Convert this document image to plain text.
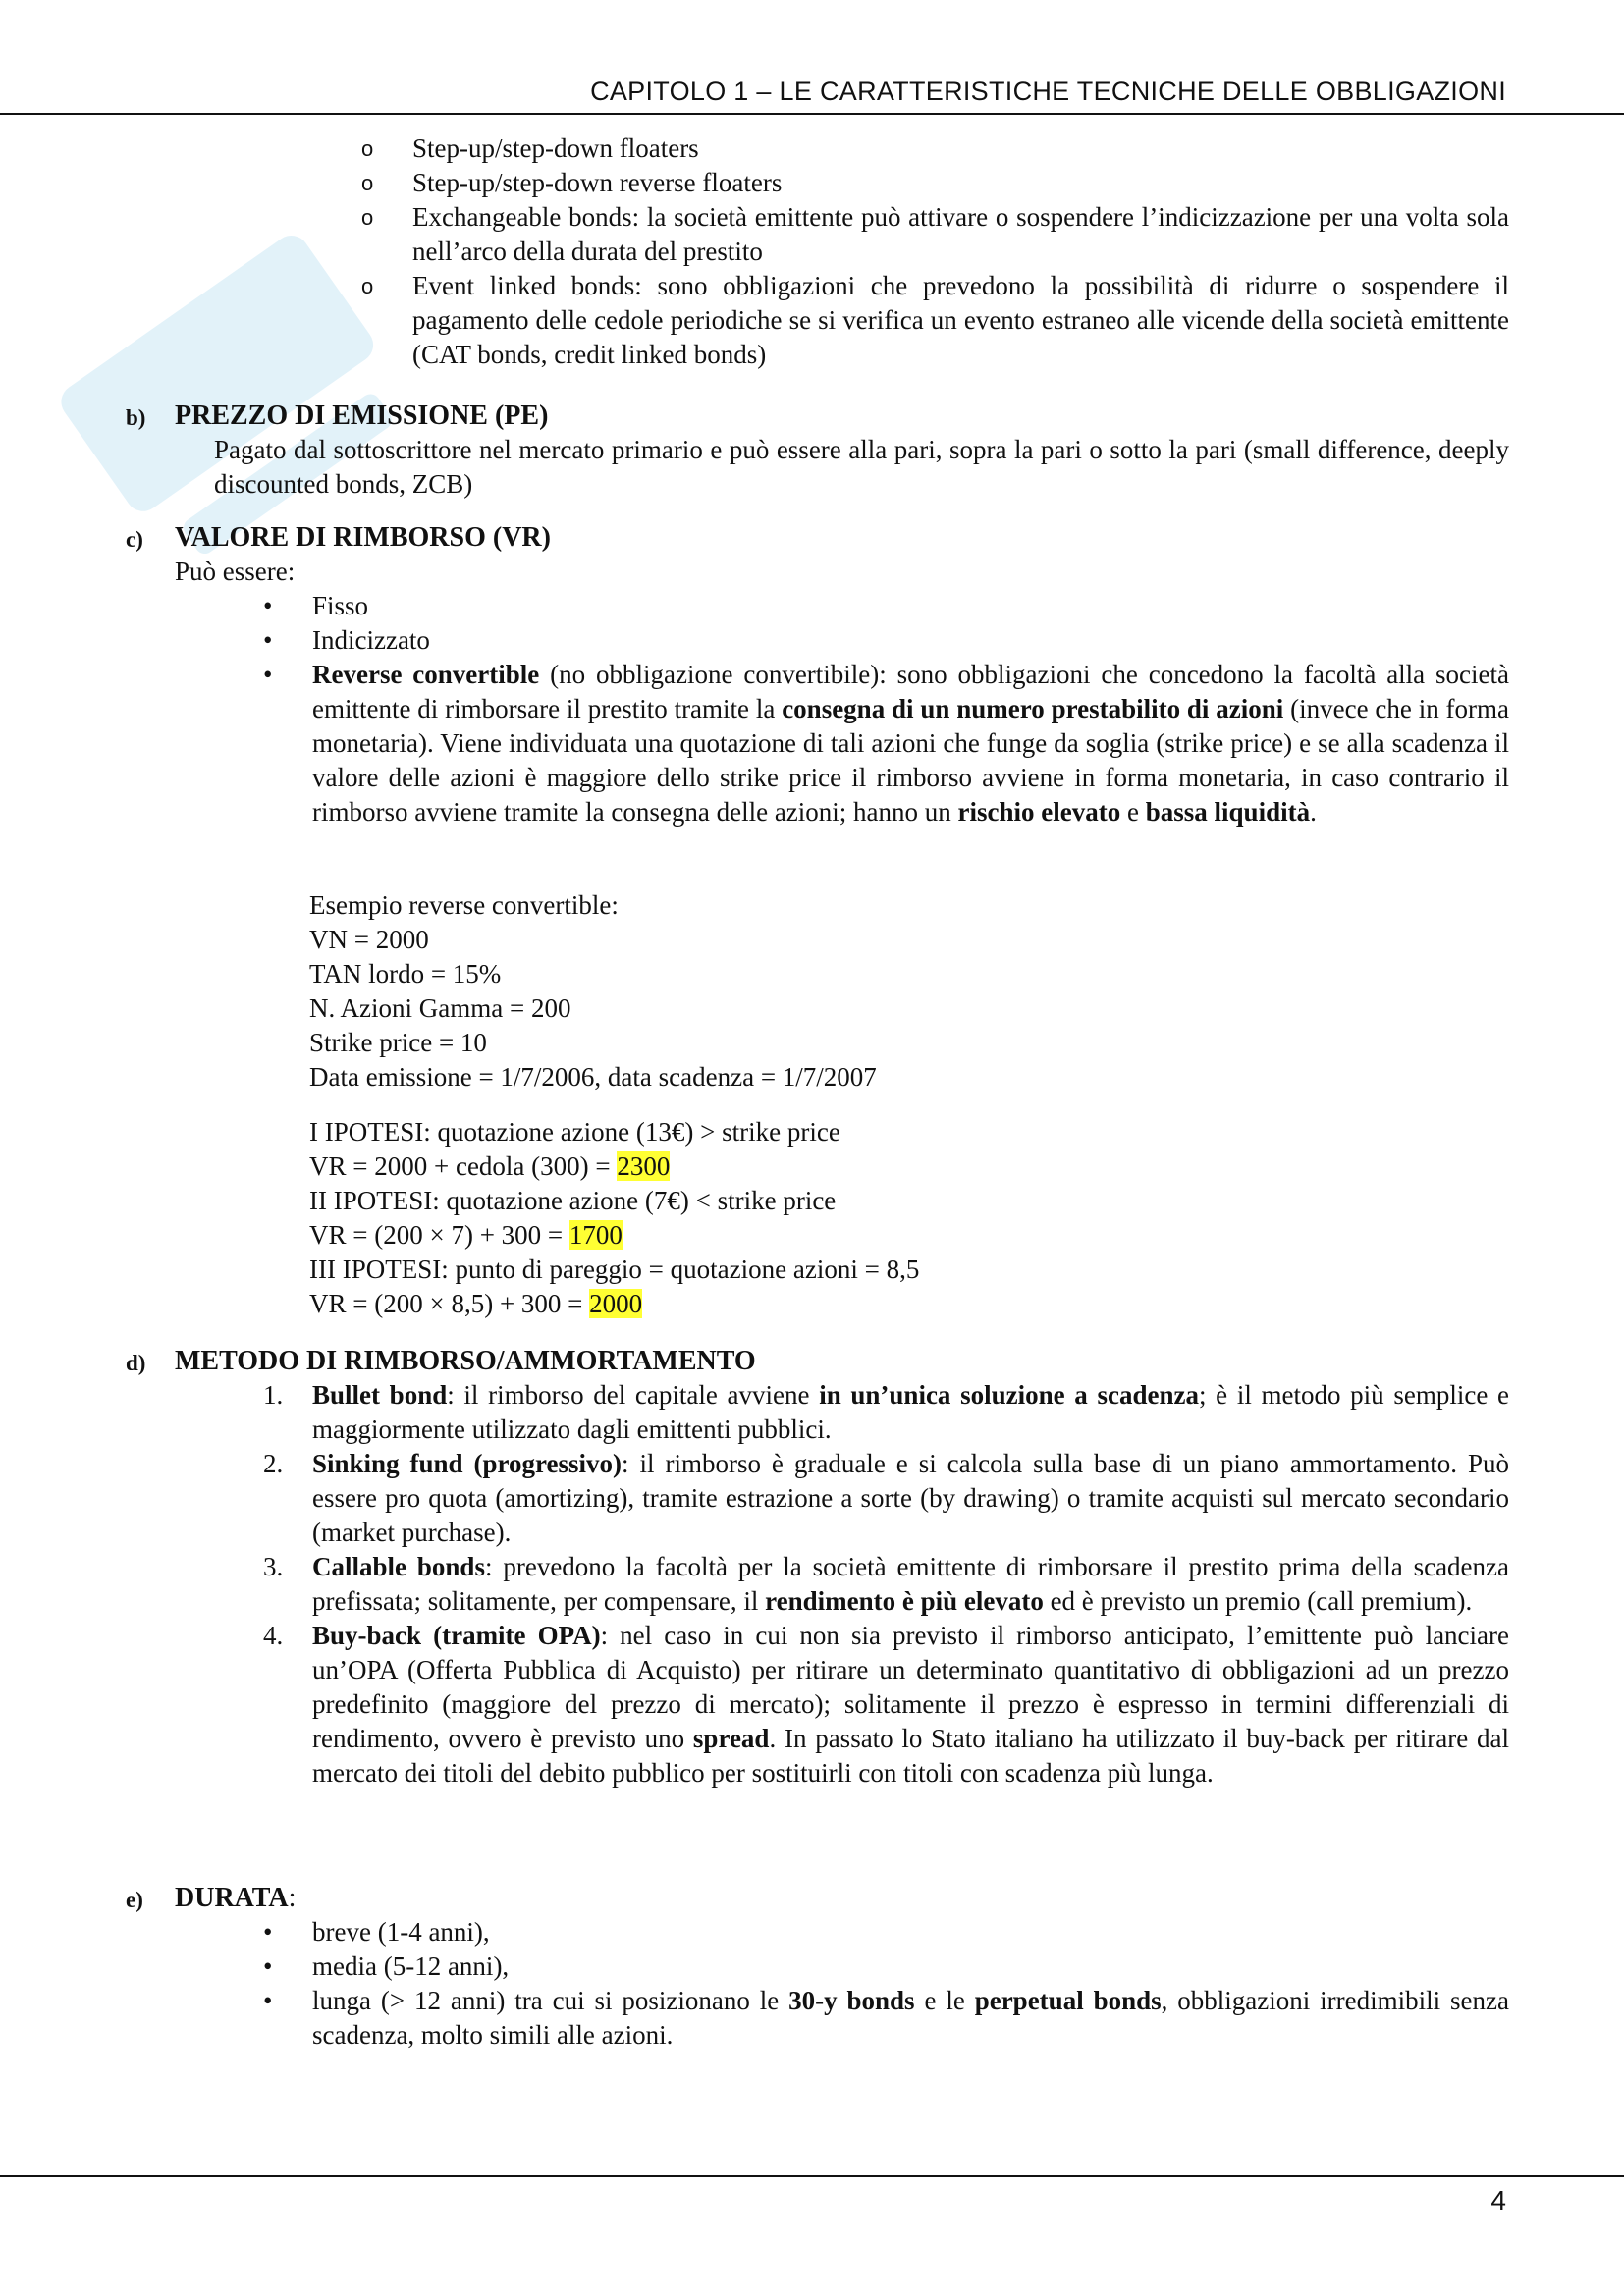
CAPITOLO 1 – LE CARATTERISTICHE TECNICHE DELLE OBBLIGAZIONI
o Step-up/step-down floaters
o Step-up/step-down reverse floaters
o Exchangeable bonds: la società emittente può attivare o sospendere l’indicizzazione per una volta sola nell’arco della durata del prestito
o Event linked bonds: sono obbligazioni che prevedono la possibilità di ridurre o sospendere il pagamento delle cedole periodiche se si verifica un evento estraneo alle vicende della società emittente (CAT bonds, credit linked bonds)
b) PREZZO DI EMISSIONE (PE)
Pagato dal sottoscrittore nel mercato primario e può essere alla pari, sopra la pari o sotto la pari (small difference, deeply discounted bonds, ZCB)
c) VALORE DI RIMBORSO (VR)
Può essere:
• Fisso
• Indicizzato
• Reverse convertible (no obbligazione convertibile): sono obbligazioni che concedono la facoltà alla società emittente di rimborsare il prestito tramite la consegna di un numero prestabilito di azioni (invece che in forma monetaria). Viene individuata una quotazione di tali azioni che funge da soglia (strike price) e se alla scadenza il valore delle azioni è maggiore dello strike price il rimborso avviene in forma monetaria, in caso contrario il rimborso avviene tramite la consegna delle azioni; hanno un rischio elevato e bassa liquidità.
Esempio reverse convertible:
VN = 2000
TAN lordo = 15%
N. Azioni Gamma = 200
Strike price = 10
Data emissione = 1/7/2006, data scadenza = 1/7/2007
I IPOTESI: quotazione azione (13€) > strike price
VR = 2000 + cedola (300) = 2300
II IPOTESI: quotazione azione (7€) < strike price
VR = (200 × 7) + 300 = 1700
III IPOTESI: punto di pareggio = quotazione azioni = 8,5
VR = (200 × 8,5) + 300 = 2000
d) METODO DI RIMBORSO/AMMORTAMENTO
1. Bullet bond: il rimborso del capitale avviene in un’unica soluzione a scadenza; è il metodo più semplice e maggiormente utilizzato dagli emittenti pubblici.
2. Sinking fund (progressivo): il rimborso è graduale e si calcola sulla base di un piano ammortamento. Può essere pro quota (amortizing), tramite estrazione a sorte (by drawing) o tramite acquisti sul mercato secondario (market purchase).
3. Callable bonds: prevedono la facoltà per la società emittente di rimborsare il prestito prima della scadenza prefissata; solitamente, per compensare, il rendimento è più elevato ed è previsto un premio (call premium).
4. Buy-back (tramite OPA): nel caso in cui non sia previsto il rimborso anticipato, l’emittente può lanciare un’OPA (Offerta Pubblica di Acquisto) per ritirare un determinato quantitativo di obbligazioni ad un prezzo predefinito (maggiore del prezzo di mercato); solitamente il prezzo è espresso in termini differenziali di rendimento, ovvero è previsto uno spread. In passato lo Stato italiano ha utilizzato il buy-back per ritirare dal mercato dei titoli del debito pubblico per sostituirli con titoli con scadenza più lunga.
e) DURATA:
• breve (1-4 anni),
• media (5-12 anni),
• lunga (> 12 anni) tra cui si posizionano le 30-y bonds e le perpetual bonds, obbligazioni irredimibili senza scadenza, molto simili alle azioni.
4
